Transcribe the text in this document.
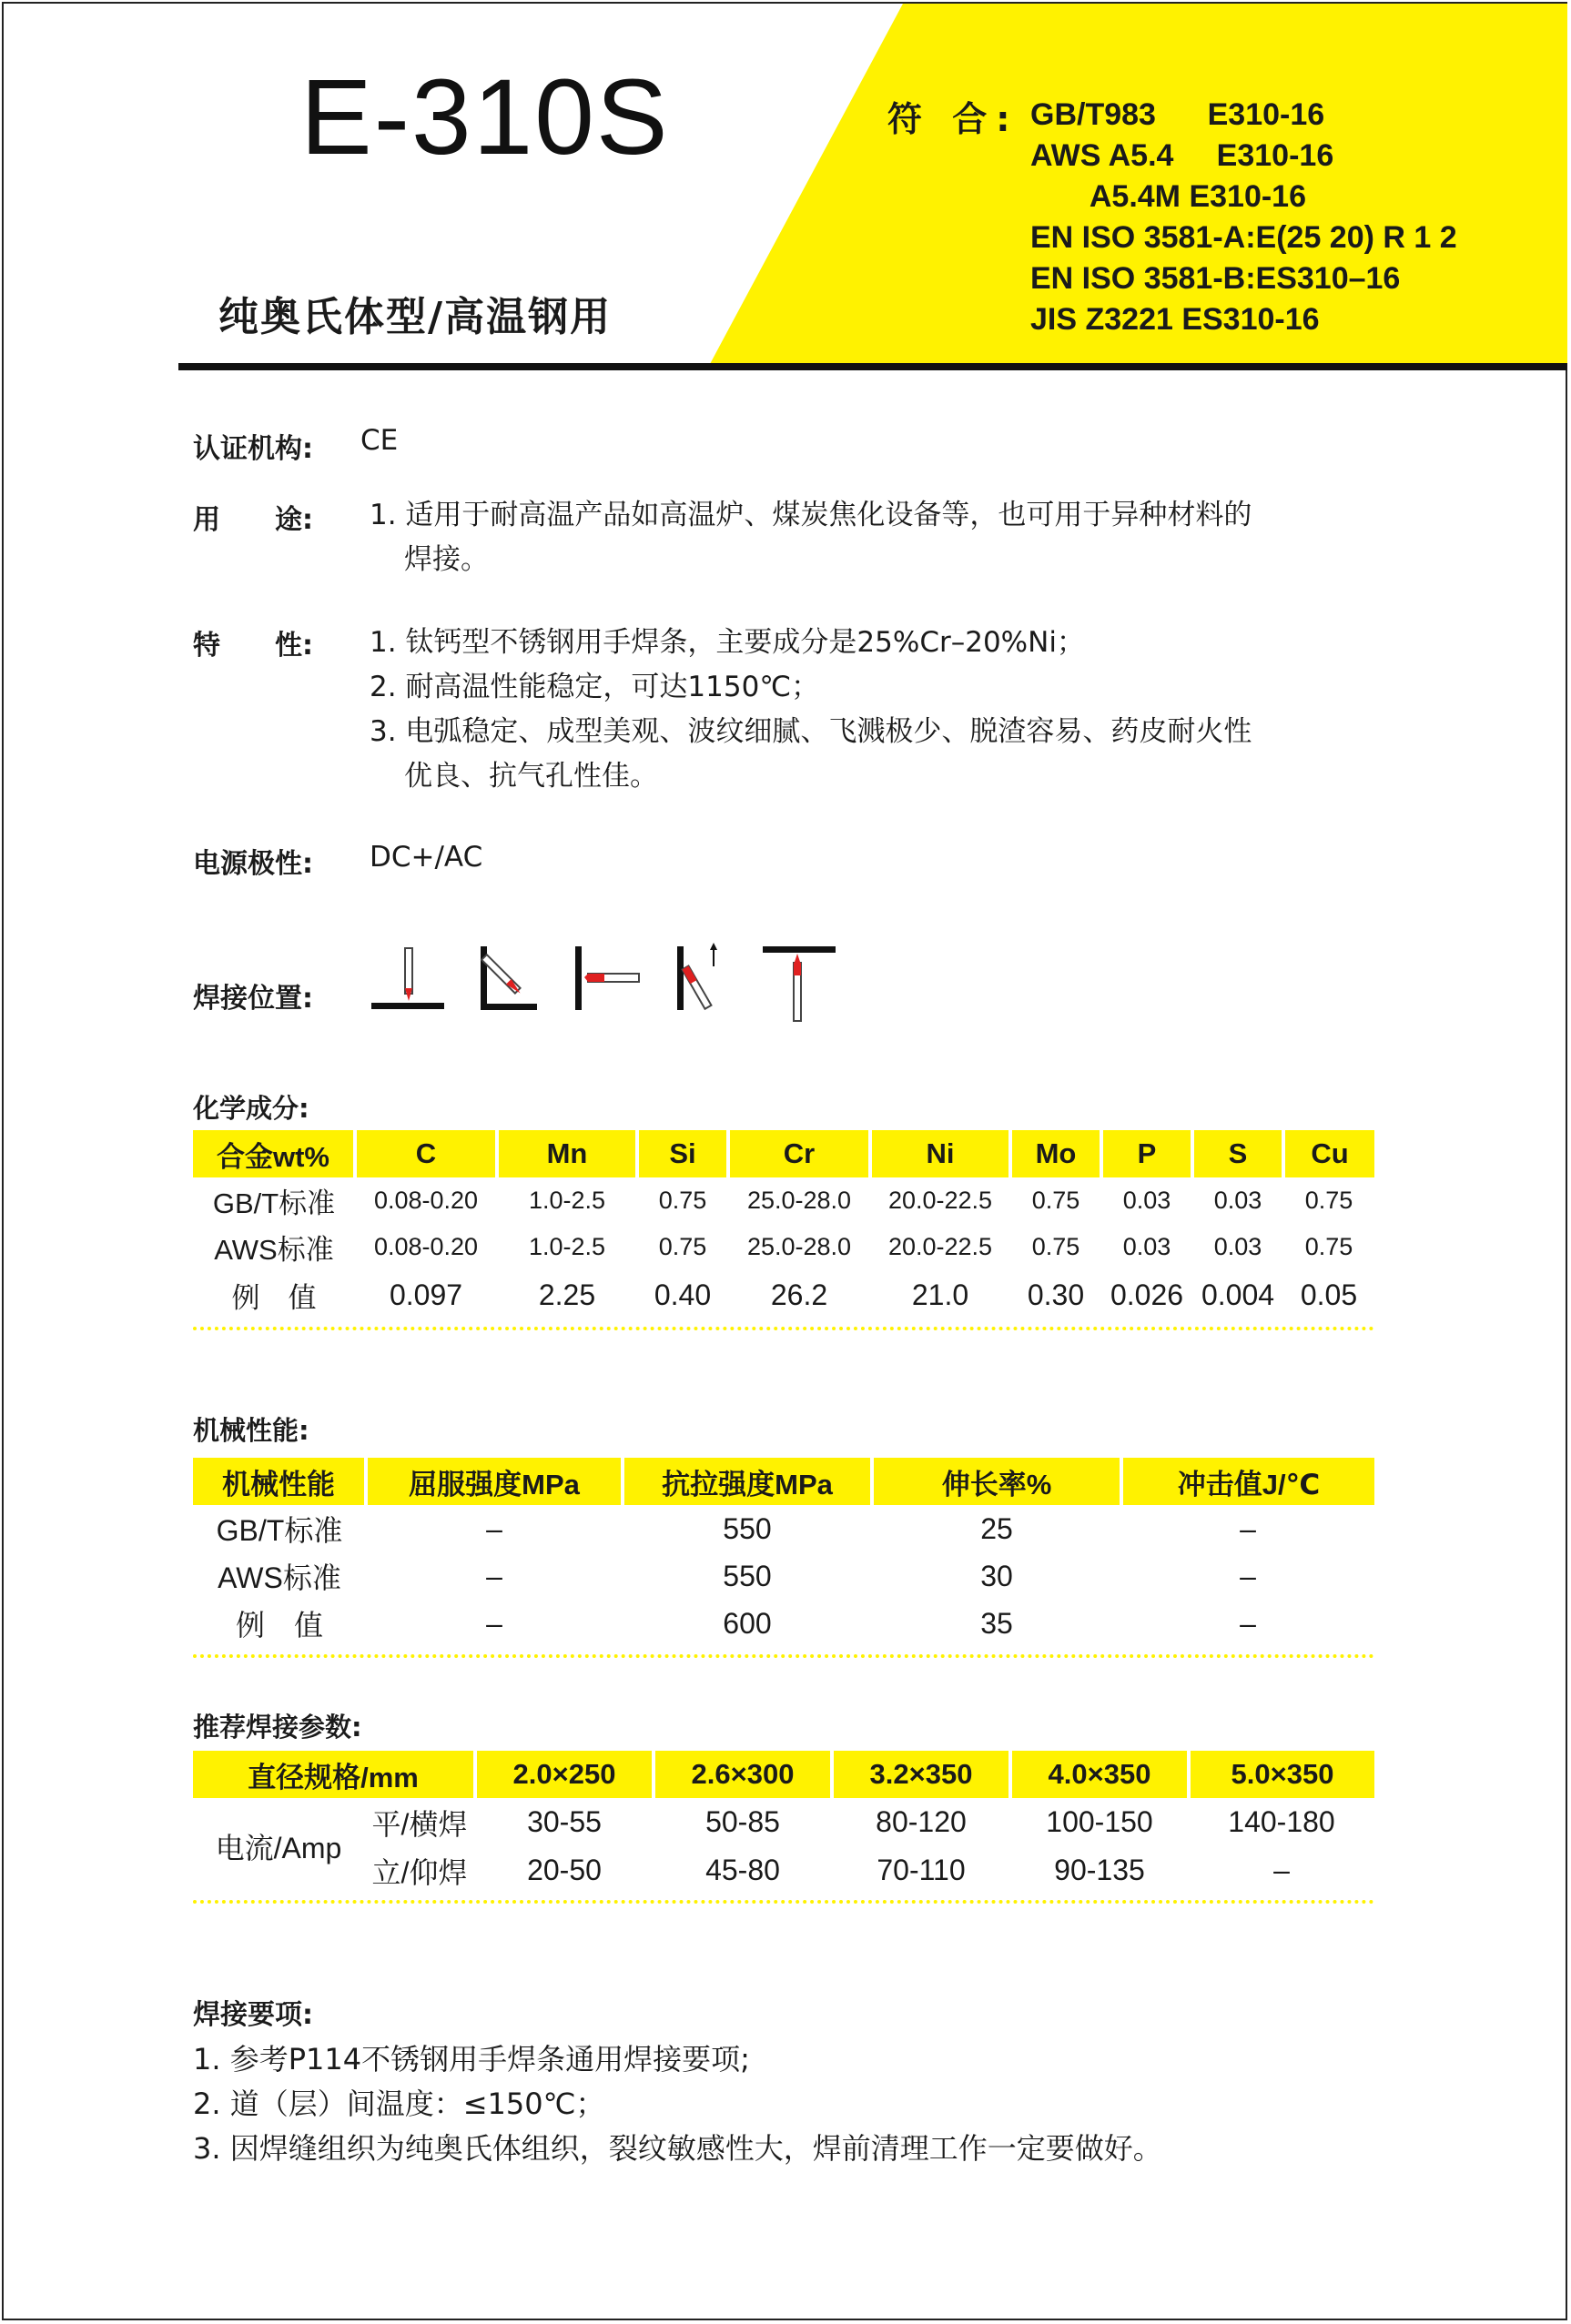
E-310S
纯奥氏体型/高温钢用
符 合: GB/T983      E310-16
AWS A5.4     E310-16
A5.4M E310-16
EN ISO 3581-A:E(25 20) R 1 2
EN ISO 3581-B:ES310–16
JIS Z3221 ES310-16
认证机构: CE
用　　途: 1. 适用于耐高温产品如高温炉、煤炭焦化设备等，也可用于异种材料的
焊接。
特　　性: 1. 钛钙型不锈钢用手焊条，主要成分是25%Cr–20%Ni；
2. 耐高温性能稳定，可达1150℃；
3. 电弧稳定、成型美观、波纹细腻、飞溅极少、脱渣容易、药皮耐火性
优良、抗气孔性佳。
电源极性: DC+/AC
焊接位置:
化学成分:
合金wt%	C	Mn	Si	Cr	Ni	Mo	P	S	Cu
GB/T标准	0.08-0.20	1.0-2.5	0.75	25.0-28.0	20.0-22.5	0.75	0.03	0.03	0.75
AWS标准	0.08-0.20	1.0-2.5	0.75	25.0-28.0	20.0-22.5	0.75	0.03	0.03	0.75
例　值	0.097	2.25	0.40	26.2	21.0	0.30	0.026	0.004	0.05
机械性能:
机械性能	屈服强度MPa	抗拉强度MPa	伸长率%	冲击值J/℃
GB/T标准	–	550	25	–
AWS标准	–	550	30	–
例　值	–	600	35	–
推荐焊接参数:
直径规格/mm		2.0×250	2.6×300	3.2×350	4.0×350	5.0×350
电流/Amp	平/横焊	30-55	50-85	80-120	100-150	140-180
	立/仰焊	20-50	45-80	70-110	90-135	–
焊接要项:
1. 参考P114不锈钢用手焊条通用焊接要项;
2. 道（层）间温度：≤150℃；
3. 因焊缝组织为纯奥氏体组织，裂纹敏感性大，焊前清理工作一定要做好。
